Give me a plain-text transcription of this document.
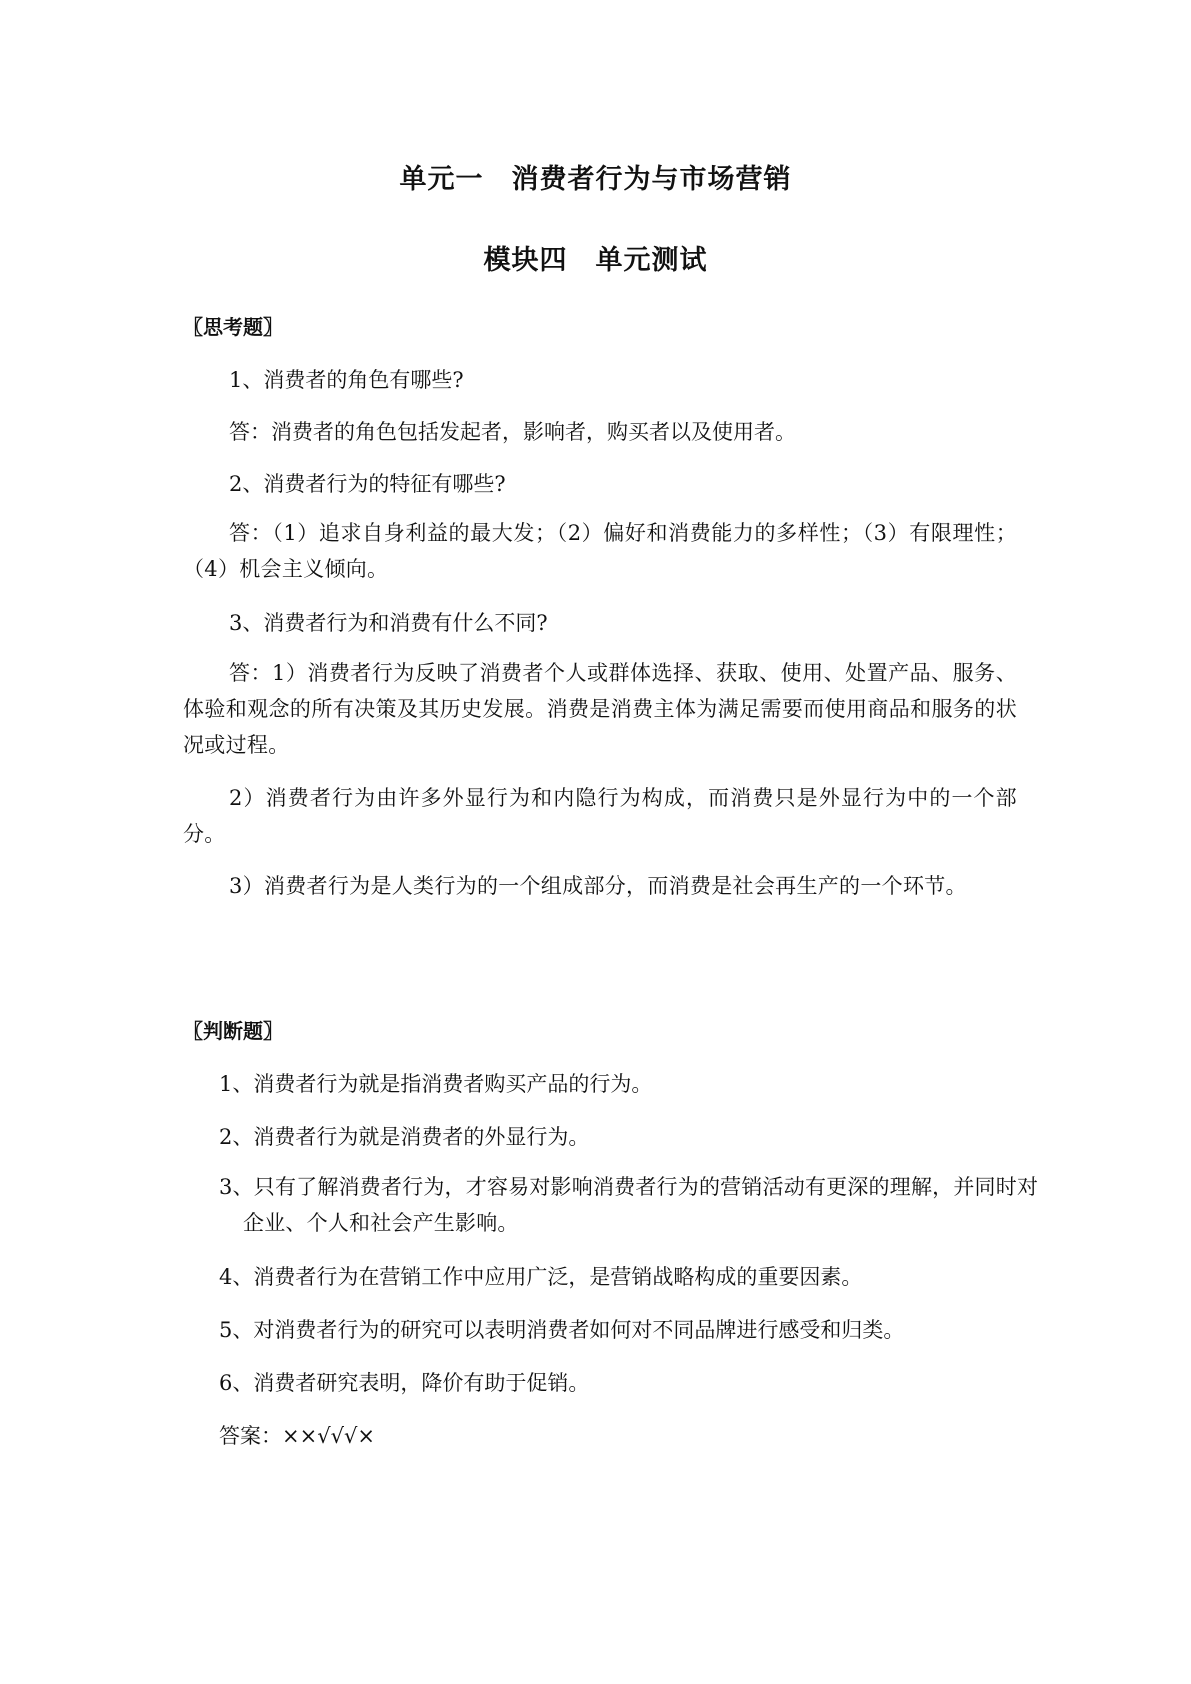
单元一　消费者行为与市场营销
模块四　单元测试
〖思考题〗
1、消费者的角色有哪些?
答：消费者的角色包括发起者，影响者，购买者以及使用者。
2、消费者行为的特征有哪些?
答：（1）追求自身利益的最大发；（2）偏好和消费能力的多样性；（3）有限理性；（4）机会主义倾向。
3、消费者行为和消费有什么不同?
答：1）消费者行为反映了消费者个人或群体选择、获取、使用、处置产品、服务、体验和观念的所有决策及其历史发展。消费是消费主体为满足需要而使用商品和服务的状况或过程。
2）消费者行为由许多外显行为和内隐行为构成，而消费只是外显行为中的一个部分。
3）消费者行为是人类行为的一个组成部分，而消费是社会再生产的一个环节。
〖判断题〗
1、消费者行为就是指消费者购买产品的行为。
2、消费者行为就是消费者的外显行为。
3、只有了解消费者行为，才容易对影响消费者行为的营销活动有更深的理解，并同时对企业、个人和社会产生影响。
4、消费者行为在营销工作中应用广泛，是营销战略构成的重要因素。
5、对消费者行为的研究可以表明消费者如何对不同品牌进行感受和归类。
6、消费者研究表明，降价有助于促销。
答案：××√√√×
